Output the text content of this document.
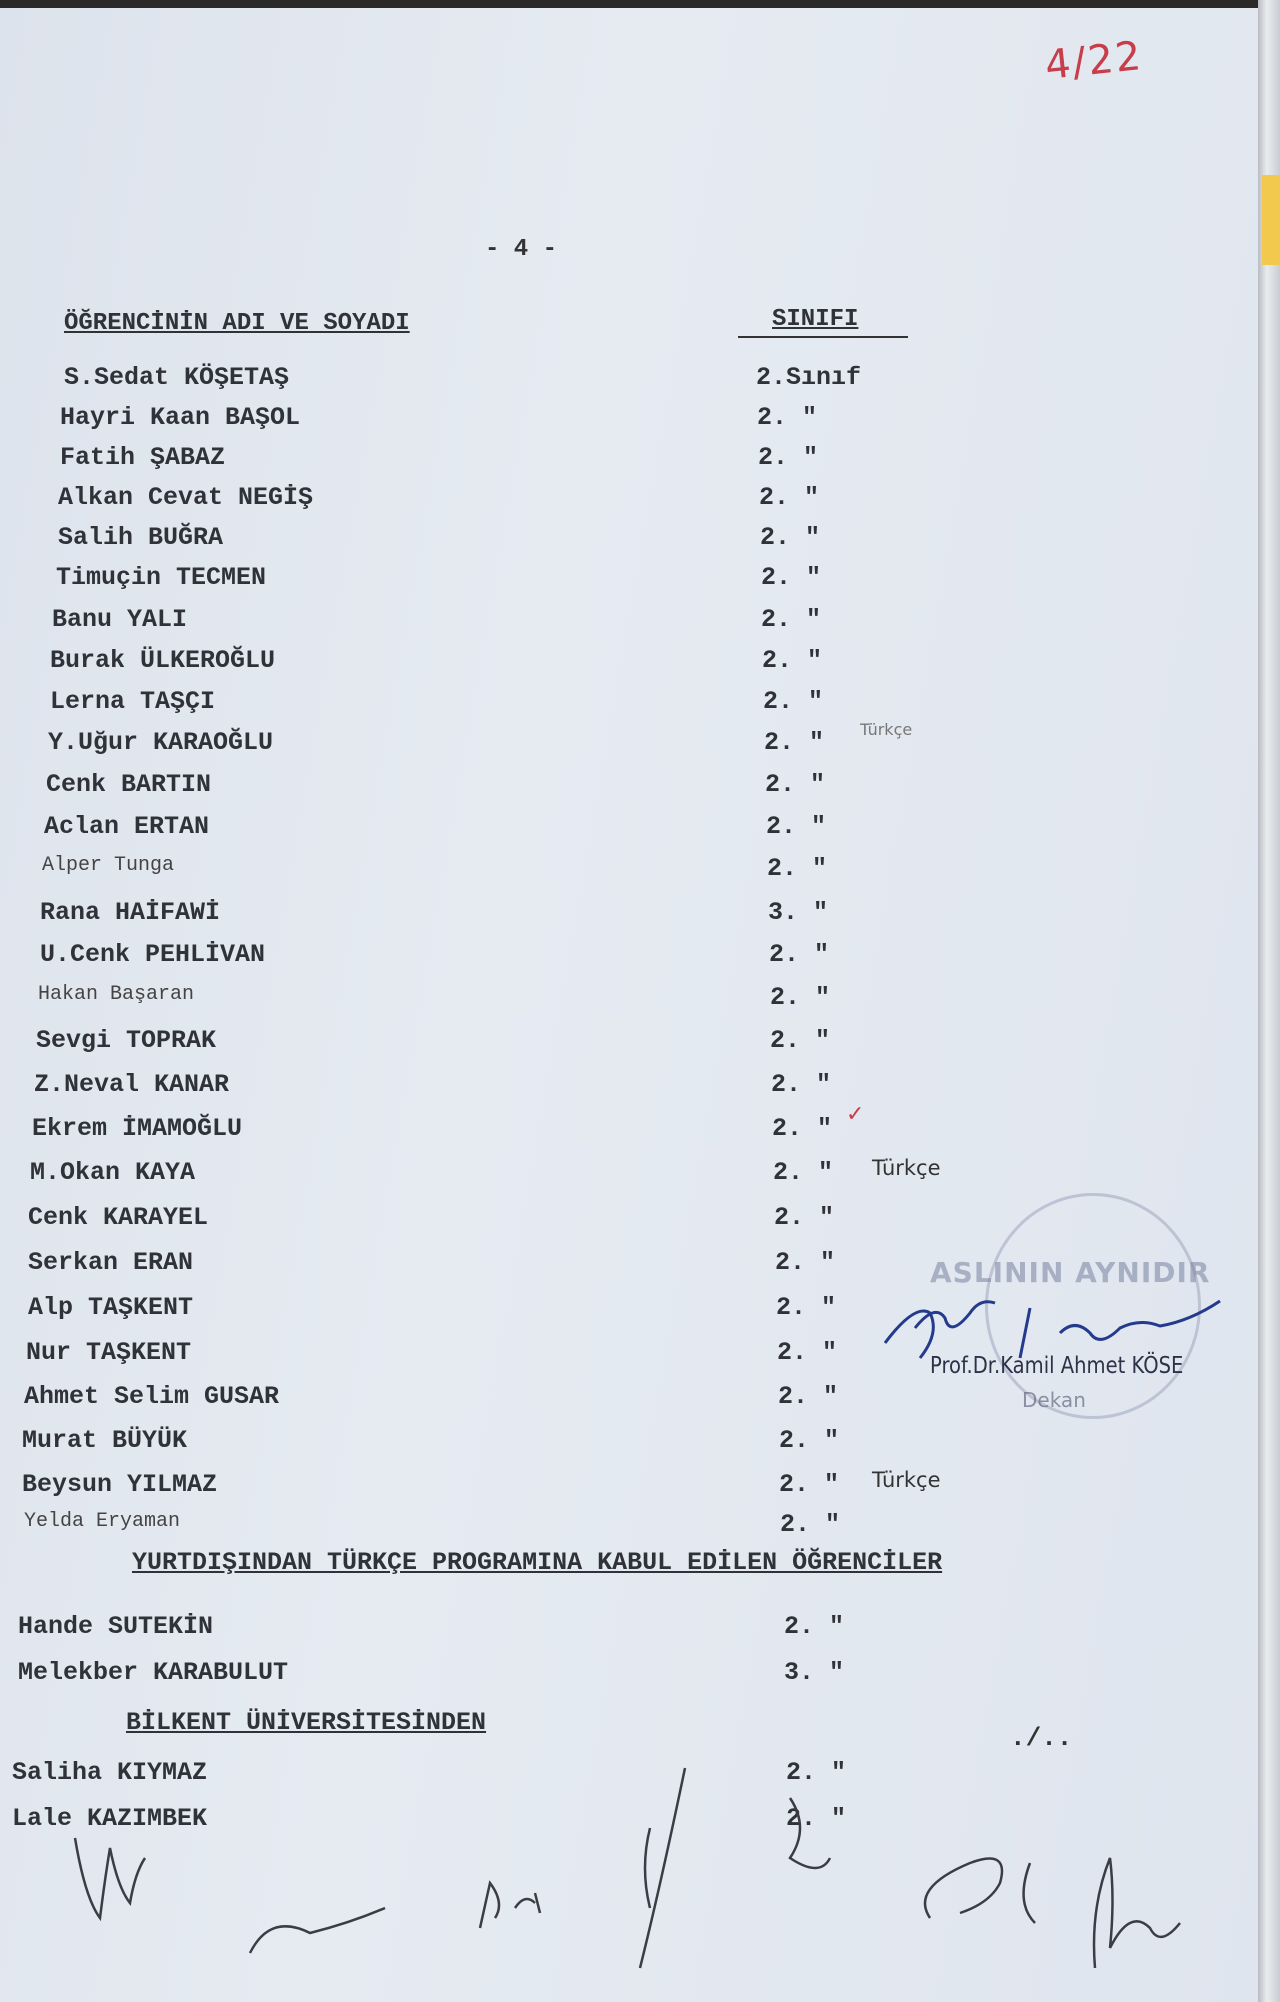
4/22
- 4 -
ÖĞRENCİNİN ADI VE SOYADI	SINIFI
S.Sedat KÖŞETAŞ	2.Sınıf
Hayri Kaan BAŞOL	2. "
Fatih ŞABAZ	2. "
Alkan Cevat NEGİŞ	2. "
Salih BUĞRA	2. "
Timuçin TECMEN	2. "
Banu YALI	2. "
Burak ÜLKEROĞLU	2. "
Lerna TAŞÇI	2. "
Y.Uğur KARAOĞLU	2. " Türkçe
Cenk BARTIN	2. "
Aclan ERTAN	2. "
Alper Tunga	2. "
Rana HAİFAWİ	3. "
U.Cenk PEHLİVAN	2. "
Hakan Başaran	2. "
Sevgi TOPRAK	2. "
Z.Neval KANAR	2. "
Ekrem İMAMOĞLU	2. " ✓
M.Okan KAYA	2. " Türkçe
Cenk KARAYEL	2. "
Serkan ERAN	2. "
Alp TAŞKENT	2. "
Nur TAŞKENT	2. "
Ahmet Selim GUSAR	2. "
Murat BÜYÜK	2. "
Beysun YILMAZ	2. " Türkçe
Yelda Eryaman	2. "
YURTDIŞINDAN TÜRKÇE PROGRAMINA KABUL EDİLEN ÖĞRENCİLER
Hande SUTEKİN	2. "
Melekber KARABULUT	3. "
BİLKENT ÜNİVERSİTESİNDEN
Saliha KIYMAZ	2. "
Lale KAZIMBEK	2. "
./..
ASLININ AYNIDIR
Prof.Dr.Kamil Ahmet KÖSE
Dekan
